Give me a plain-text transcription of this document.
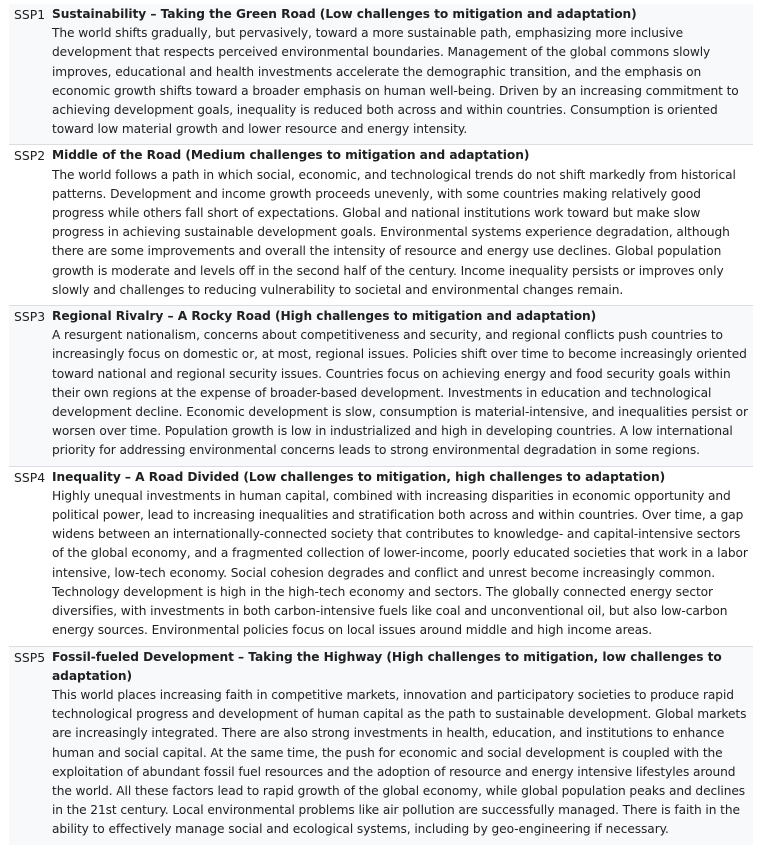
SSP1	Sustainability – Taking the Green Road (Low challenges to mitigation and adaptation)
The world shifts gradually, but pervasively, toward a more sustainable path, emphasizing more inclusive development that respects perceived environmental boundaries. Management of the global commons slowly improves, educational and health investments accelerate the demographic transition, and the emphasis on economic growth shifts toward a broader emphasis on human well-being. Driven by an increasing commitment to achieving development goals, inequality is reduced both across and within countries. Consumption is oriented toward low material growth and lower resource and energy intensity.

SSP2	Middle of the Road (Medium challenges to mitigation and adaptation)
The world follows a path in which social, economic, and technological trends do not shift markedly from historical patterns. Development and income growth proceeds unevenly, with some countries making relatively good progress while others fall short of expectations. Global and national institutions work toward but make slow progress in achieving sustainable development goals. Environmental systems experience degradation, although there are some improvements and overall the intensity of resource and energy use declines. Global population growth is moderate and levels off in the second half of the century. Income inequality persists or improves only slowly and challenges to reducing vulnerability to societal and environmental changes remain.

SSP3	Regional Rivalry – A Rocky Road (High challenges to mitigation and adaptation)
A resurgent nationalism, concerns about competitiveness and security, and regional conflicts push countries to increasingly focus on domestic or, at most, regional issues. Policies shift over time to become increasingly oriented toward national and regional security issues. Countries focus on achieving energy and food security goals within their own regions at the expense of broader-based development. Investments in education and technological development decline. Economic development is slow, consumption is material-intensive, and inequalities persist or worsen over time. Population growth is low in industrialized and high in developing countries. A low international priority for addressing environmental concerns leads to strong environmental degradation in some regions.

SSP4	Inequality – A Road Divided (Low challenges to mitigation, high challenges to adaptation)
Highly unequal investments in human capital, combined with increasing disparities in economic opportunity and political power, lead to increasing inequalities and stratification both across and within countries. Over time, a gap widens between an internationally-connected society that contributes to knowledge- and capital-intensive sectors of the global economy, and a fragmented collection of lower-income, poorly educated societies that work in a labor intensive, low-tech economy. Social cohesion degrades and conflict and unrest become increasingly common. Technology development is high in the high-tech economy and sectors. The globally connected energy sector diversifies, with investments in both carbon-intensive fuels like coal and unconventional oil, but also low-carbon energy sources. Environmental policies focus on local issues around middle and high income areas.

SSP5	Fossil-fueled Development – Taking the Highway (High challenges to mitigation, low challenges to adaptation)
This world places increasing faith in competitive markets, innovation and participatory societies to produce rapid technological progress and development of human capital as the path to sustainable development. Global markets are increasingly integrated. There are also strong investments in health, education, and institutions to enhance human and social capital. At the same time, the push for economic and social development is coupled with the exploitation of abundant fossil fuel resources and the adoption of resource and energy intensive lifestyles around the world. All these factors lead to rapid growth of the global economy, while global population peaks and declines in the 21st century. Local environmental problems like air pollution are successfully managed. There is faith in the ability to effectively manage social and ecological systems, including by geo-engineering if necessary.
